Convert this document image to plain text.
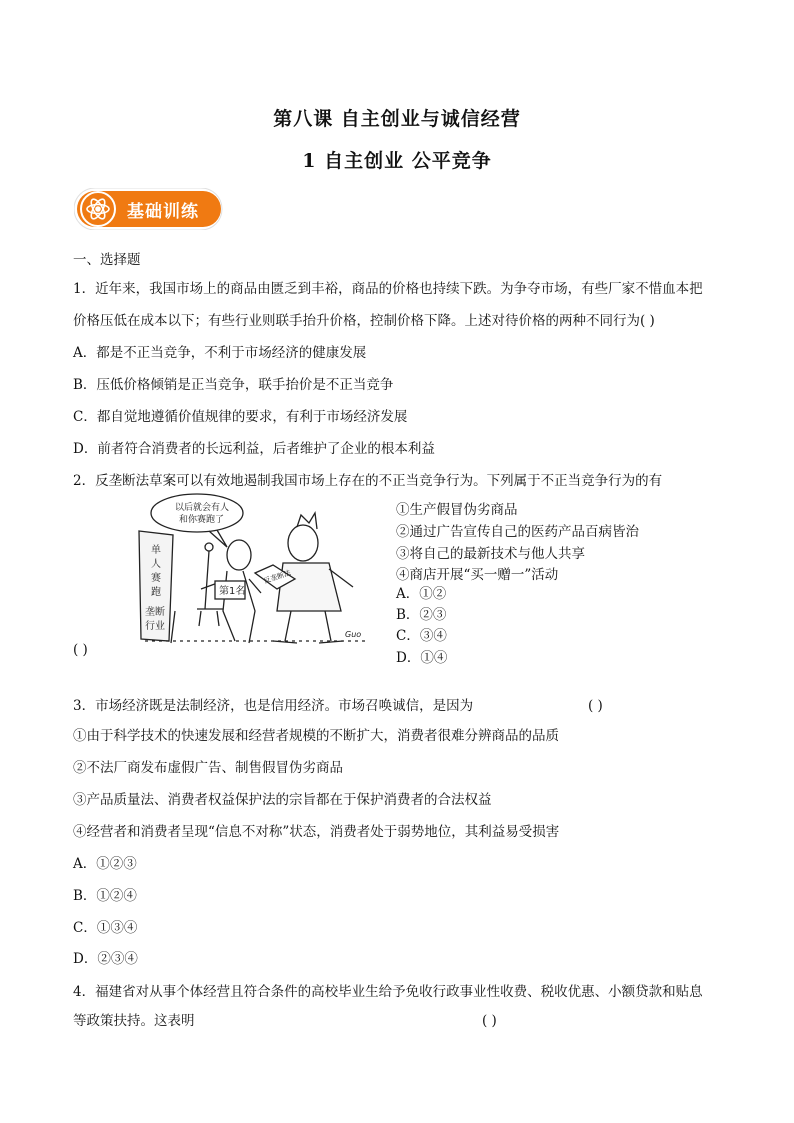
第八课 自主创业与诚信经营
1 自主创业 公平竞争
基础训练
一、选择题
1．近年来，我国市场上的商品由匮乏到丰裕，商品的价格也持续下跌。为争夺市场，有些厂家不惜血本把
价格压低在成本以下；有些行业则联手抬升价格，控制价格下降。上述对待价格的两种不同行为( )
A．都是不正当竞争，不利于市场经济的健康发展
B．压低价格倾销是正当竞争，联手抬价是不正当竞争
C．都自觉地遵循价值规律的要求，有利于市场经济发展
D．前者符合消费者的长远利益，后者维护了企业的根本利益
2．反垄断法草案可以有效地遏制我国市场上存在的不正当竞争行为。下列属于不正当竞争行为的有
以后就会有人
和你赛跑了
单
人
赛
跑
垄断
行业
第1名
反垄断法
Guo
( )
①生产假冒伪劣商品
②通过广告宣传自己的医药产品百病皆治
③将自己的最新技术与他人共享
④商店开展“买一赠一”活动
A．①②
B．②③
C．③④
D．①④
3．市场经济既是法制经济，也是信用经济。市场召唤诚信，是因为	( )
①由于科学技术的快速发展和经营者规模的不断扩大，消费者很难分辨商品的品质
②不法厂商发布虚假广告、制售假冒伪劣商品
③产品质量法、消费者权益保护法的宗旨都在于保护消费者的合法权益
④经营者和消费者呈现“信息不对称”状态，消费者处于弱势地位，其利益易受损害
A．①②③
B．①②④
C．①③④
D．②③④
4．福建省对从事个体经营且符合条件的高校毕业生给予免收行政事业性收费、税收优惠、小额贷款和贴息
等政策扶持。这表明	( )
